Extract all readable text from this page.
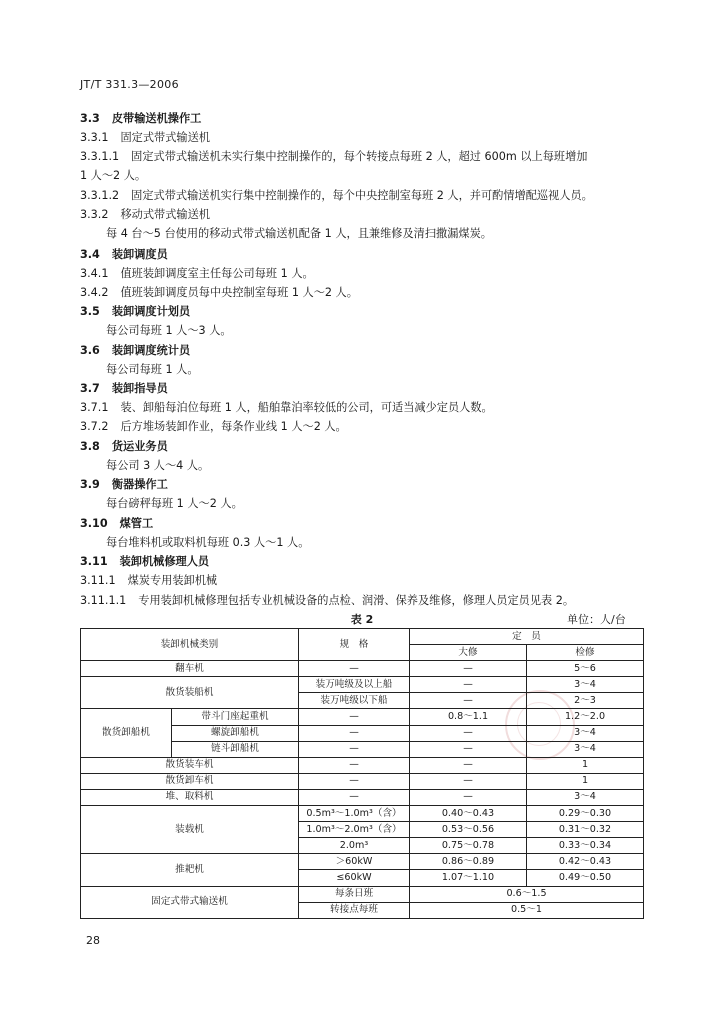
JT/T 331.3—2006
3.3 皮带输送机操作工
3.3.1 固定式带式输送机
3.3.1.1 固定式带式输送机未实行集中控制操作的，每个转接点每班 2 人，超过 600m 以上每班增加
1 人～2 人。
3.3.1.2 固定式带式输送机实行集中控制操作的，每个中央控制室每班 2 人，并可酌情增配巡视人员。
3.3.2 移动式带式输送机
每 4 台～5 台使用的移动式带式输送机配备 1 人，且兼维修及清扫撒漏煤炭。
3.4 装卸调度员
3.4.1 值班装卸调度室主任每公司每班 1 人。
3.4.2 值班装卸调度员每中央控制室每班 1 人～2 人。
3.5 装卸调度计划员
每公司每班 1 人～3 人。
3.6 装卸调度统计员
每公司每班 1 人。
3.7 装卸指导员
3.7.1 装、卸船每泊位每班 1 人，船舶靠泊率较低的公司，可适当减少定员人数。
3.7.2 后方堆场装卸作业，每条作业线 1 人～2 人。
3.8 货运业务员
每公司 3 人～4 人。
3.9 衡器操作工
每台磅秤每班 1 人～2 人。
3.10 煤管工
每台堆料机或取料机每班 0.3 人～1 人。
3.11 装卸机械修理人员
3.11.1 煤炭专用装卸机械
3.11.1.1 专用装卸机械修理包括专业机械设备的点检、润滑、保养及维修，修理人员定员见表 2。
表 2	单位：人/台
装卸机械类别		规　格	定　员	
			大修	检修
翻车机		—	—	5～6
散货装船机		装万吨级及以上船	—	3～4
		装万吨级以下船	—	2～3
散货卸船机	带斗门座起重机	—	0.8～1.1	1.2～2.0
	螺旋卸船机	—	—	3～4
	链斗卸船机	—	—	3～4
散货装车机		—	—	1
散货卸车机		—	—	1
堆、取料机		—	—	3～4
装载机		0.5m³～1.0m³（含）	0.40～0.43	0.29～0.30
		1.0m³～2.0m³（含）	0.53～0.56	0.31～0.32
		2.0m³	0.75～0.78	0.33～0.34
推耙机		＞60kW	0.86～0.89	0.42～0.43
		≤60kW	1.07～1.10	0.49～0.50
固定式带式输送机		每条日班	0.6～1.5	
		转接点每班	0.5～1	
28
